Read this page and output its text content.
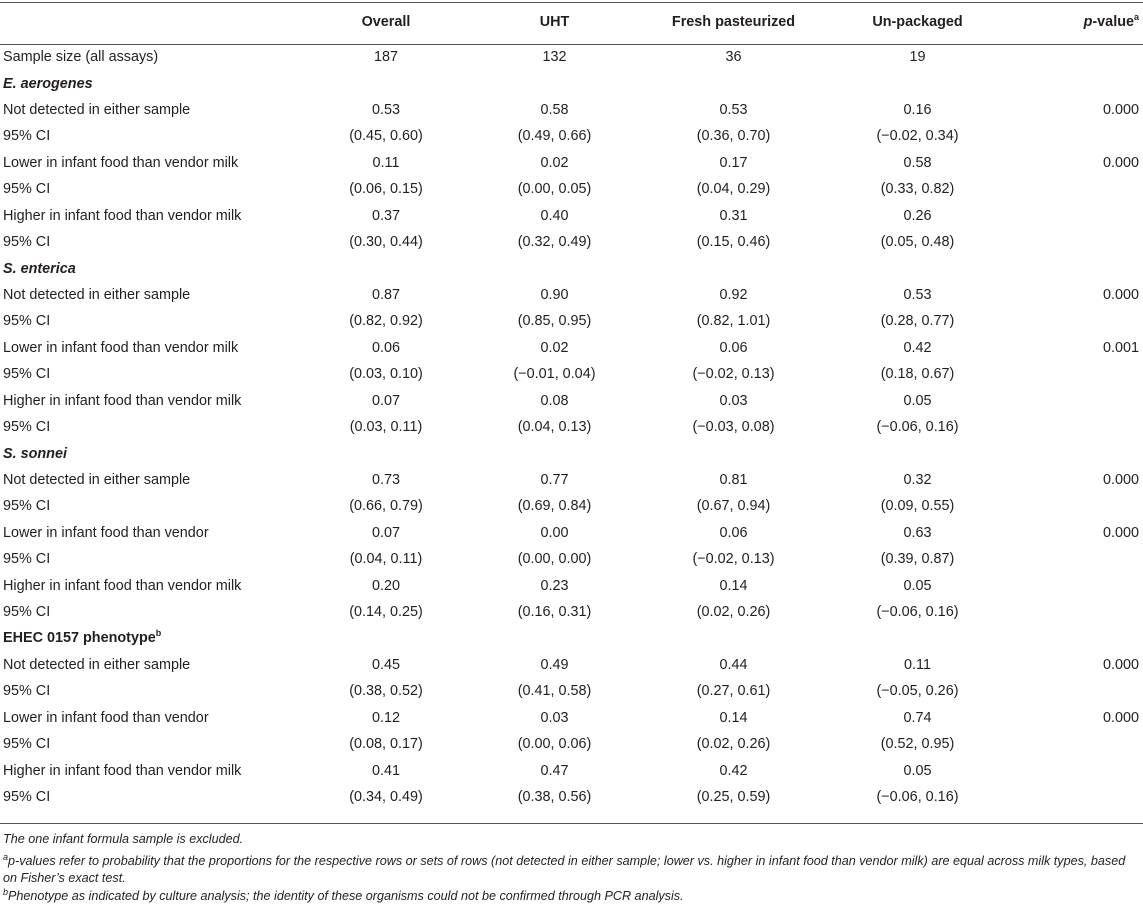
	Overall	UHT	Fresh pasteurized	Un-packaged	p-value$^a$
Sample size (all assays)	187	132	36	19	
E. aerogenes					
Not detected in either sample	0.53	0.58	0.53	0.16	0.000
95% CI	(0.45, 0.60)	(0.49, 0.66)	(0.36, 0.70)	(−0.02, 0.34)	
Lower in infant food than vendor milk	0.11	0.02	0.17	0.58	0.000
95% CI	(0.06, 0.15)	(0.00, 0.05)	(0.04, 0.29)	(0.33, 0.82)	
Higher in infant food than vendor milk	0.37	0.40	0.31	0.26	
95% CI	(0.30, 0.44)	(0.32, 0.49)	(0.15, 0.46)	(0.05, 0.48)	
S. enterica					
Not detected in either sample	0.87	0.90	0.92	0.53	0.000
95% CI	(0.82, 0.92)	(0.85, 0.95)	(0.82, 1.01)	(0.28, 0.77)	
Lower in infant food than vendor milk	0.06	0.02	0.06	0.42	0.001
95% CI	(0.03, 0.10)	(−0.01, 0.04)	(−0.02, 0.13)	(0.18, 0.67)	
Higher in infant food than vendor milk	0.07	0.08	0.03	0.05	
95% CI	(0.03, 0.11)	(0.04, 0.13)	(−0.03, 0.08)	(−0.06, 0.16)	
S. sonnei					
Not detected in either sample	0.73	0.77	0.81	0.32	0.000
95% CI	(0.66, 0.79)	(0.69, 0.84)	(0.67, 0.94)	(0.09, 0.55)	
Lower in infant food than vendor	0.07	0.00	0.06	0.63	0.000
95% CI	(0.04, 0.11)	(0.00, 0.00)	(−0.02, 0.13)	(0.39, 0.87)	
Higher in infant food than vendor milk	0.20	0.23	0.14	0.05	
95% CI	(0.14, 0.25)	(0.16, 0.31)	(0.02, 0.26)	(−0.06, 0.16)	
EHEC 0157 phenotype$^b$
Not detected in either sample	0.45	0.49	0.44	0.11	0.000
95% CI	(0.38, 0.52)	(0.41, 0.58)	(0.27, 0.61)	(−0.05, 0.26)	
Lower in infant food than vendor	0.12	0.03	0.14	0.74	0.000
95% CI	(0.08, 0.17)	(0.00, 0.06)	(0.02, 0.26)	(0.52, 0.95)	
Higher in infant food than vendor milk	0.41	0.47	0.42	0.05	
95% CI	(0.34, 0.49)	(0.38, 0.56)	(0.25, 0.59)	(−0.06, 0.16)	

The one infant formula sample is excluded.

$^a$p-values refer to probability that the proportions for the respective rows or sets of rows (not detected in either sample; lower vs. higher in infant food than vendor milk) are equal across milk types, based on Fisher’s exact test.

$^b$Phenotype as indicated by culture analysis; the identity of these organisms could not be confirmed through PCR analysis.
